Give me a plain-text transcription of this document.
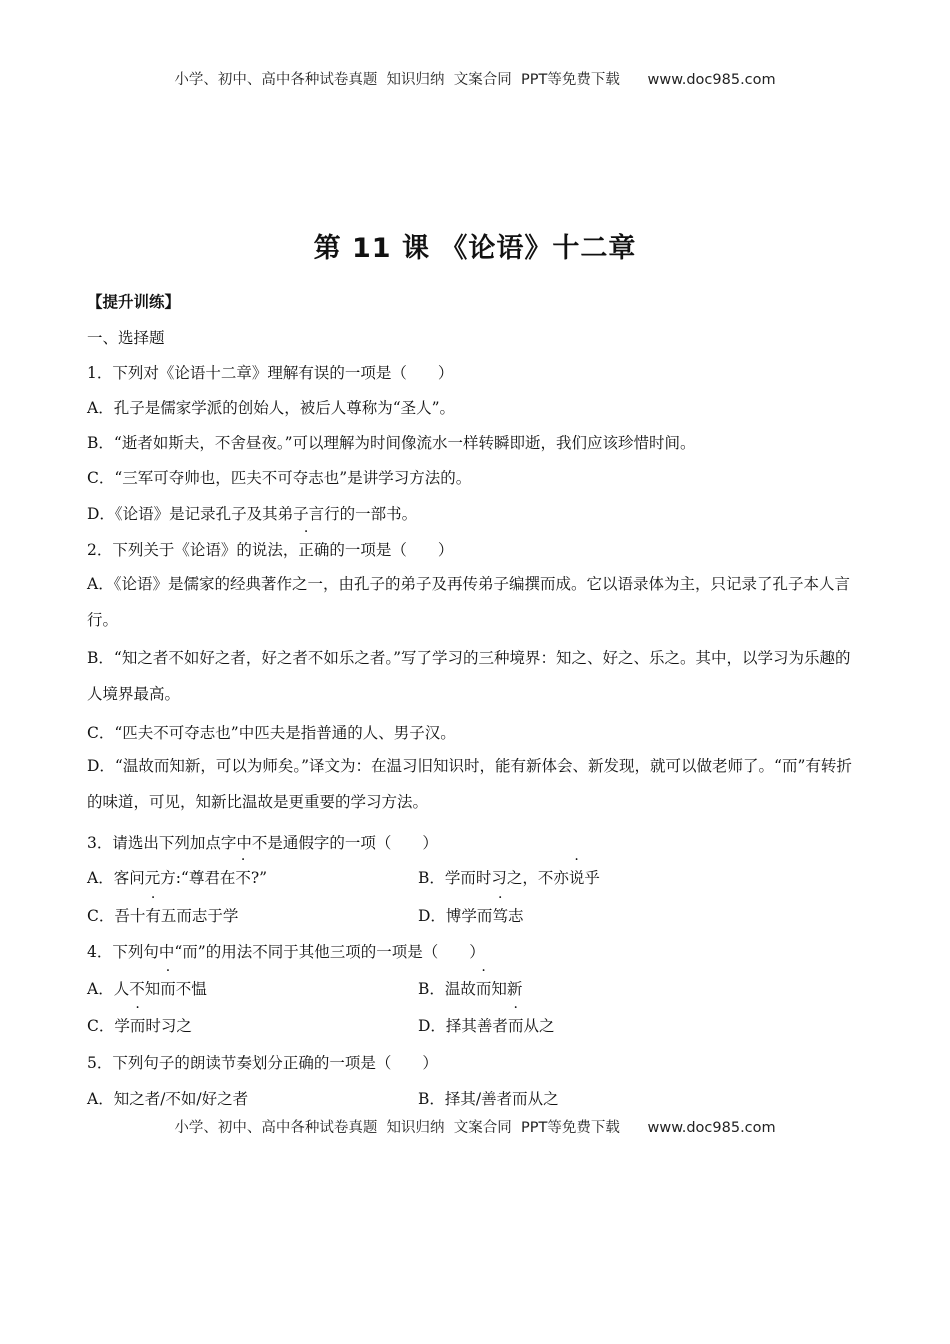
小学、初中、高中各种试卷真题  知识归纳  文案合同  PPT等免费下载      www.doc985.com
第 11 课 《论语》十二章
【提升训练】
一、选择题
1．下列对《论语十二章》理解有误的一项是（　　）
A．孔子是儒家学派的创始人，被后人尊称为“圣人”。
B．“逝者如斯夫，不舍昼夜。”可以理解为时间像流水一样转瞬即逝，我们应该珍惜时间。
C．“三军可夺帅也，匹夫不可夺志也”是讲学习方法的。
D．《论语》是记录孔子及其弟子言行的一部书。
2．下列关于《论语》的说法，正确的一项是（　　）
A．《论语》是儒家的经典著作之一，由孔子的弟子及再传弟子编撰而成。它以语录体为主，只记录了孔子本人言行。
B．“知之者不如好之者，好之者不如乐之者。”写了学习的三种境界：知之、好之、乐之。其中，以学习为乐趣的人境界最高。
C．“匹夫不可夺志也”中匹夫是指普通的人、男子汉。
D．“温故而知新，可以为师矣。”译文为：在温习旧知识时，能有新体会、新发现，就可以做老师了。“而”有转折的味道，可见，知新比温故是更重要的学习方法。
3．请选出下列加点字中不是通假字的一项（　　）
A．客问元方:“尊君在不?”	B．学而时习之，不亦说乎
C．吾十有五而志于学	D．博学而笃志
4．下列句中“而”的用法不同于其他三项的一项是（　　）
A．人不知而不愠	B．温故而知新
C．学而时习之	D．择其善者而从之
5．下列句子的朗读节奏划分正确的一项是（　　）
A．知之者/不如/好之者	B．择其/善者而从之
小学、初中、高中各种试卷真题  知识归纳  文案合同  PPT等免费下载      www.doc985.com
